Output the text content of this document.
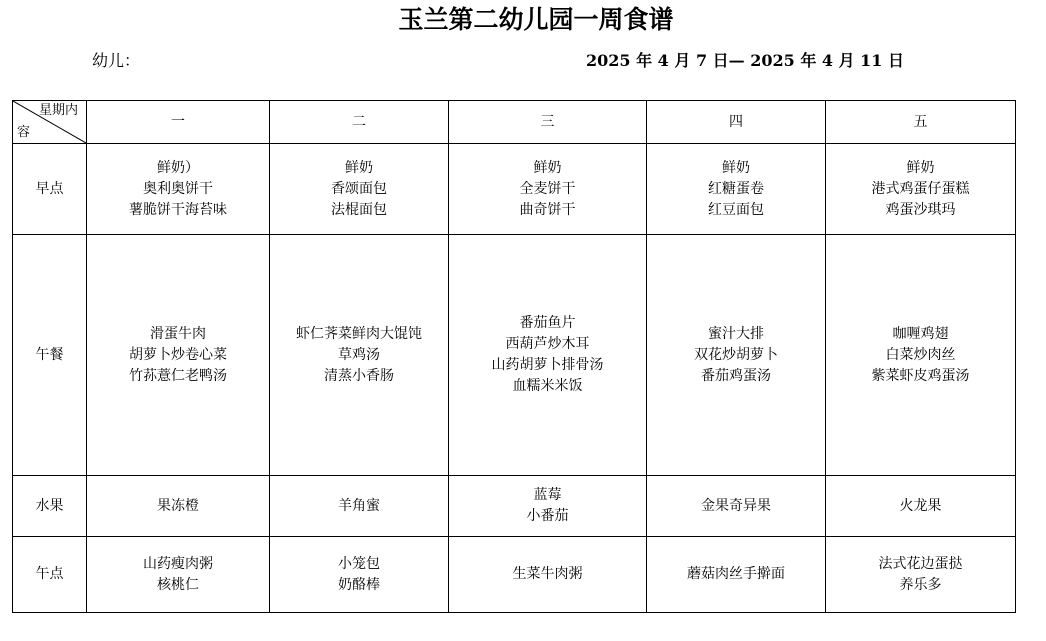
玉兰第二幼儿园一周食谱
幼儿：	2025 年 4 月 7 日— 2025 年 4 月 11 日
星期内
容	一	二	三	四	五
早点	鲜奶）
奥利奥饼干
薯脆饼干海苔味	鲜奶
香颂面包
法棍面包	鲜奶
全麦饼干
曲奇饼干	鲜奶
红糖蛋卷
红豆面包	鲜奶
港式鸡蛋仔蛋糕
鸡蛋沙琪玛

午餐	滑蛋牛肉
胡萝卜炒卷心菜
竹荪薏仁老鸭汤	虾仁荠菜鲜肉大馄饨
草鸡汤
清蒸小香肠	番茄鱼片
西葫芦炒木耳
山药胡萝卜排骨汤
血糯米米饭	蜜汁大排
双花炒胡萝卜
番茄鸡蛋汤	咖喱鸡翅
白菜炒肉丝
紫菜虾皮鸡蛋汤

水果	果冻橙	羊角蜜	蓝莓
小番茄	金果奇异果	火龙果

午点	山药瘦肉粥
核桃仁	小笼包
奶酪棒	生菜牛肉粥	蘑菇肉丝手擀面	法式花边蛋挞
养乐多
